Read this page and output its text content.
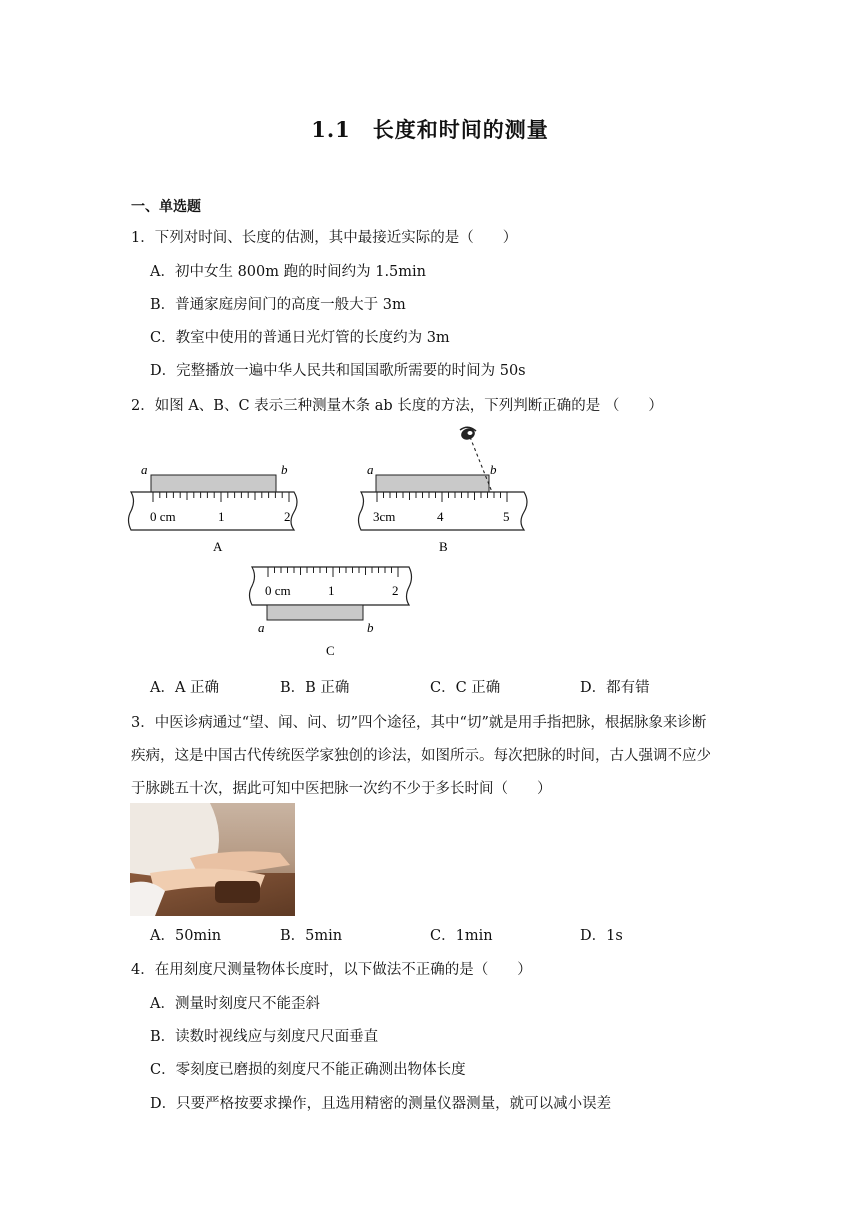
1.1　长度和时间的测量
一、单选题
1．下列对时间、长度的估测，其中最接近实际的是（　　）
A．初中女生 800m 跑的时间约为 1.5min
B．普通家庭房间门的高度一般大于 3m
C．教室中使用的普通日光灯管的长度约为 3m
D．完整播放一遍中华人民共和国国歌所需要的时间为 50s
2．如图 A、B、C 表示三种测量木条 ab 长度的方法，下列判断正确的是 （　　）
a	b
0 cm	1	2
A
a	b
3cm	4	5
B
a	b
0 cm	1	2
C
A．A 正确	B．B 正确	C．C 正确	D．都有错
3．中医诊病通过“望、闻、问、切”四个途径，其中“切”就是用手指把脉，根据脉象来诊断
疾病，这是中国古代传统医学家独创的诊法，如图所示。每次把脉的时间，古人强调不应少
于脉跳五十次，据此可知中医把脉一次约不少于多长时间（　　）
A．50min	B．5min	C．1min	D．1s
4．在用刻度尺测量物体长度时，以下做法不正确的是（　　）
A．测量时刻度尺不能歪斜
B．读数时视线应与刻度尺尺面垂直
C．零刻度已磨损的刻度尺不能正确测出物体长度
D．只要严格按要求操作，且选用精密的测量仪器测量，就可以减小误差
